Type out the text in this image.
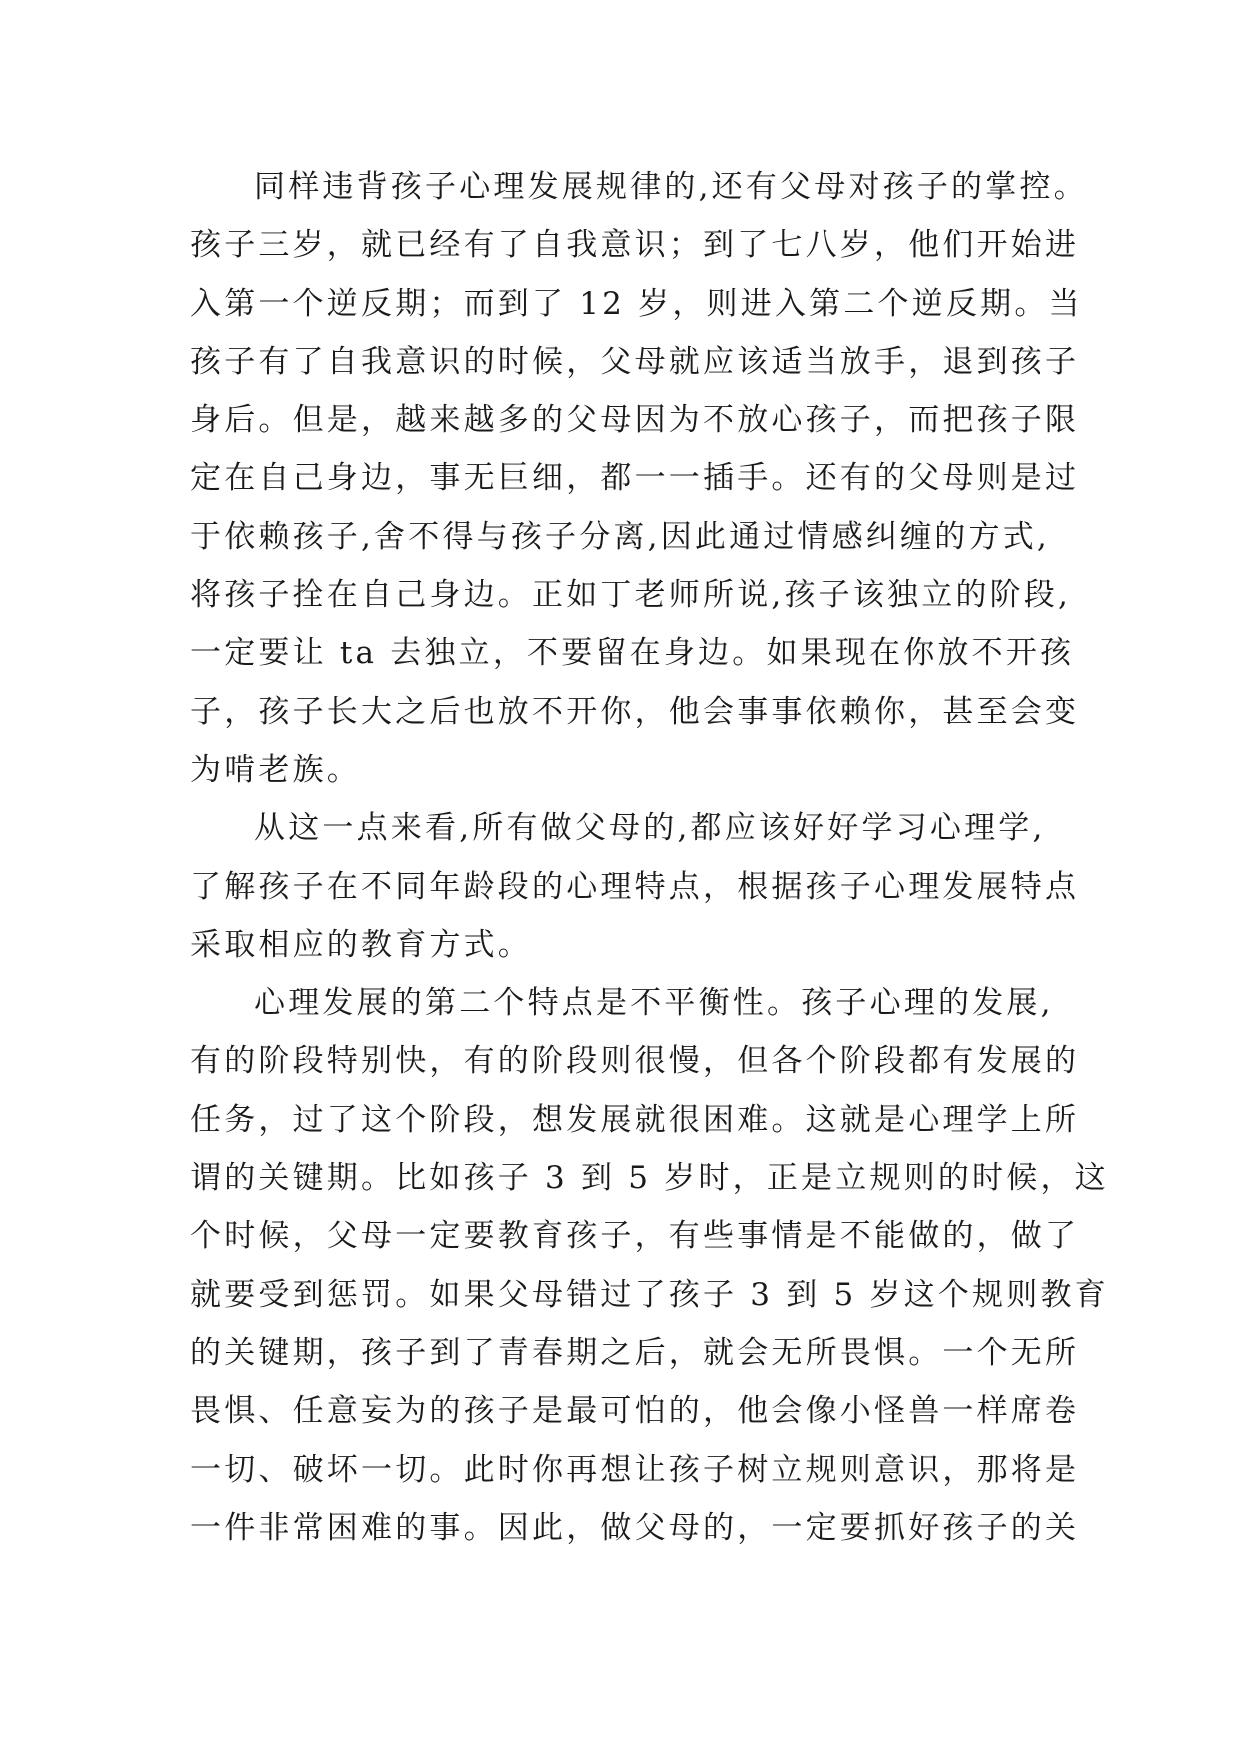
同样违背孩子心理发展规律的,还有父母对孩子的掌控。
孩子三岁，就已经有了自我意识；到了七八岁，他们开始进
入第一个逆反期；而到了 12 岁，则进入第二个逆反期。当
孩子有了自我意识的时候，父母就应该适当放手，退到孩子
身后。但是，越来越多的父母因为不放心孩子，而把孩子限
定在自己身边，事无巨细，都一一插手。还有的父母则是过
于依赖孩子,舍不得与孩子分离,因此通过情感纠缠的方式,
将孩子拴在自己身边。正如丁老师所说,孩子该独立的阶段,
一定要让 ta 去独立，不要留在身边。如果现在你放不开孩
子，孩子长大之后也放不开你，他会事事依赖你，甚至会变
为啃老族。
从这一点来看,所有做父母的,都应该好好学习心理学,
了解孩子在不同年龄段的心理特点，根据孩子心理发展特点
采取相应的教育方式。
心理发展的第二个特点是不平衡性。孩子心理的发展,
有的阶段特别快，有的阶段则很慢，但各个阶段都有发展的
任务，过了这个阶段，想发展就很困难。这就是心理学上所
谓的关键期。比如孩子 3 到 5 岁时，正是立规则的时候，这
个时候，父母一定要教育孩子，有些事情是不能做的，做了
就要受到惩罚。如果父母错过了孩子 3 到 5 岁这个规则教育
的关键期，孩子到了青春期之后，就会无所畏惧。一个无所
畏惧、任意妄为的孩子是最可怕的，他会像小怪兽一样席卷
一切、破坏一切。此时你再想让孩子树立规则意识，那将是
一件非常困难的事。因此，做父母的，一定要抓好孩子的关
